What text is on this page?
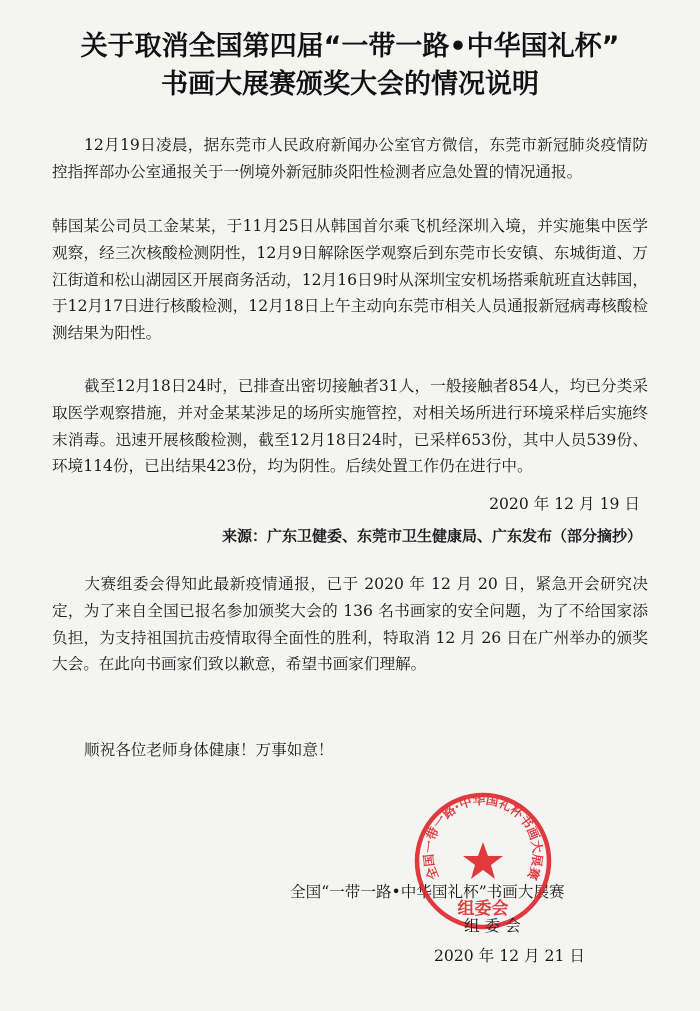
关于取消全国第四届“一带一路•中华国礼杯”
书画大展赛颁奖大会的情况说明

12月19日凌晨，据东莞市人民政府新闻办公室官方微信，东莞市新冠肺炎疫情防控指挥部办公室通报关于一例境外新冠肺炎阳性检测者应急处置的情况通报。

韩国某公司员工金某某，于11月25日从韩国首尔乘飞机经深圳入境，并实施集中医学观察，经三次核酸检测阴性，12月9日解除医学观察后到东莞市长安镇、东城街道、万江街道和松山湖园区开展商务活动，12月16日9时从深圳宝安机场搭乘航班直达韩国，于12月17日进行核酸检测，12月18日上午主动向东莞市相关人员通报新冠病毒核酸检测结果为阳性。

截至12月18日24时，已排查出密切接触者31人，一般接触者854人，均已分类采取医学观察措施，并对金某某涉足的场所实施管控，对相关场所进行环境采样后实施终末消毒。迅速开展核酸检测，截至12月18日24时，已采样653份，其中人员539份、环境114份，已出结果423份，均为阴性。后续处置工作仍在进行中。

2020 年 12 月 19 日
来源：广东卫健委、东莞市卫生健康局、广东发布（部分摘抄）

大赛组委会得知此最新疫情通报，已于 2020 年 12 月 20 日，紧急开会研究决定，为了来自全国已报名参加颁奖大会的 136 名书画家的安全问题，为了不给国家添负担，为支持祖国抗击疫情取得全面性的胜利，特取消 12 月 26 日在广州举办的颁奖大会。在此向书画家们致以歉意，希望书画家们理解。

顺祝各位老师身体健康！万事如意！

全国“一带一路•中华国礼杯”书画大展赛
全国一带一路·中华国礼杯书画大展赛
组委会
组 委 会
2020 年 12 月 21 日
